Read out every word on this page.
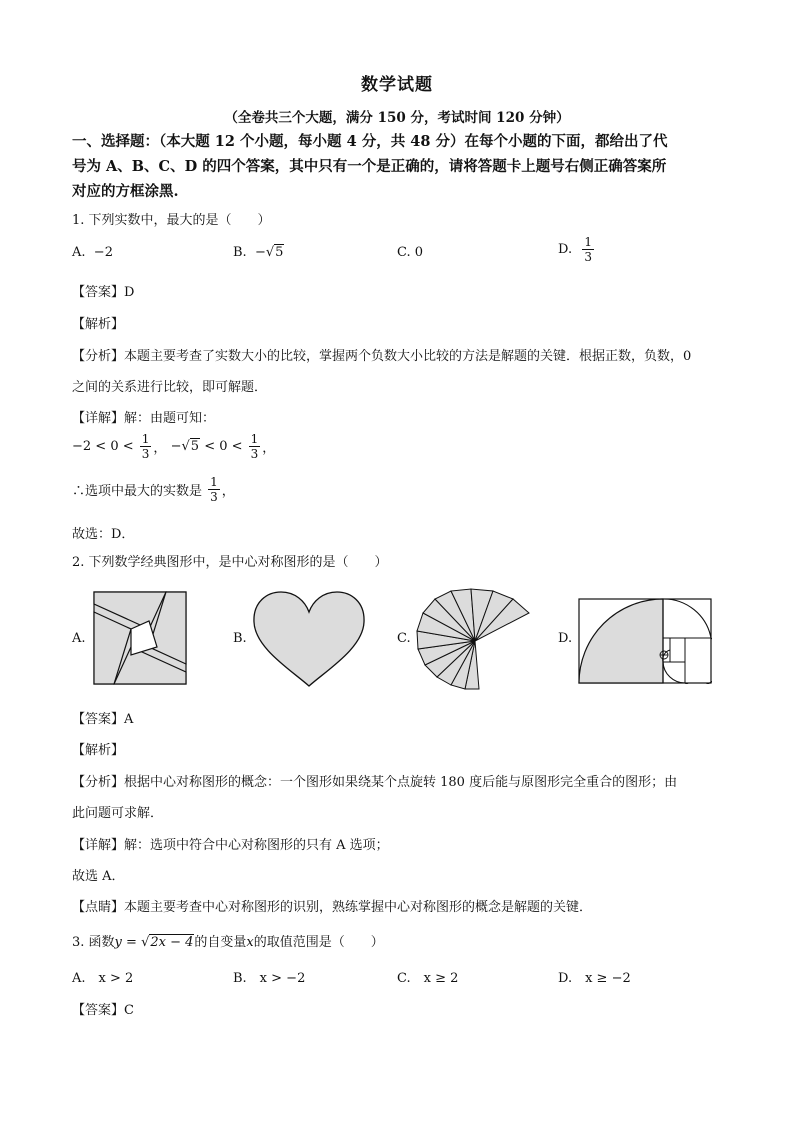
数学试题
（全卷共三个大题，满分 150 分，考试时间 120 分钟）
一、选择题：（本大题 12 个小题，每小题 4 分，共 48 分）在每个小题的下面，都给出了代
号为 A、B、C、D 的四个答案，其中只有一个是正确的，请将答题卡上题号右侧正确答案所
对应的方框涂黑.
1. 下列实数中，最大的是（　　）
A. −2	B. −√5	C. 0	D. $\frac{1}{3}$
【答案】D
【解析】
【分析】本题主要考查了实数大小的比较，掌握两个负数大小比较的方法是解题的关键．根据正数，负数，0
之间的关系进行比较，即可解题．
【详解】解：由题可知：
$-2 < 0 < \frac{1}{3}$ ， $-√5 < 0 < \frac{1}{3}$ ，
∴选项中最大的实数是 $\frac{1}{3}$ ，
故选：D．
2. 下列数学经典图形中，是中心对称图形的是（　　）
A.	B.	C.	D.
【答案】A
【解析】
【分析】根据中心对称图形的概念：一个图形如果绕某个点旋转 180 度后能与原图形完全重合的图形；由
此问题可求解．
【详解】解：选项中符合中心对称图形的只有 A 选项；
故选 A．
【点睛】本题主要考查中心对称图形的识别，熟练掌握中心对称图形的概念是解题的关键．
3. 函数y = √2x − 4的自变量x的取值范围是（　　）
A.　x > 2	B.　x > −2	C.　x ≥ 2	D.　x ≥ −2
【答案】C
